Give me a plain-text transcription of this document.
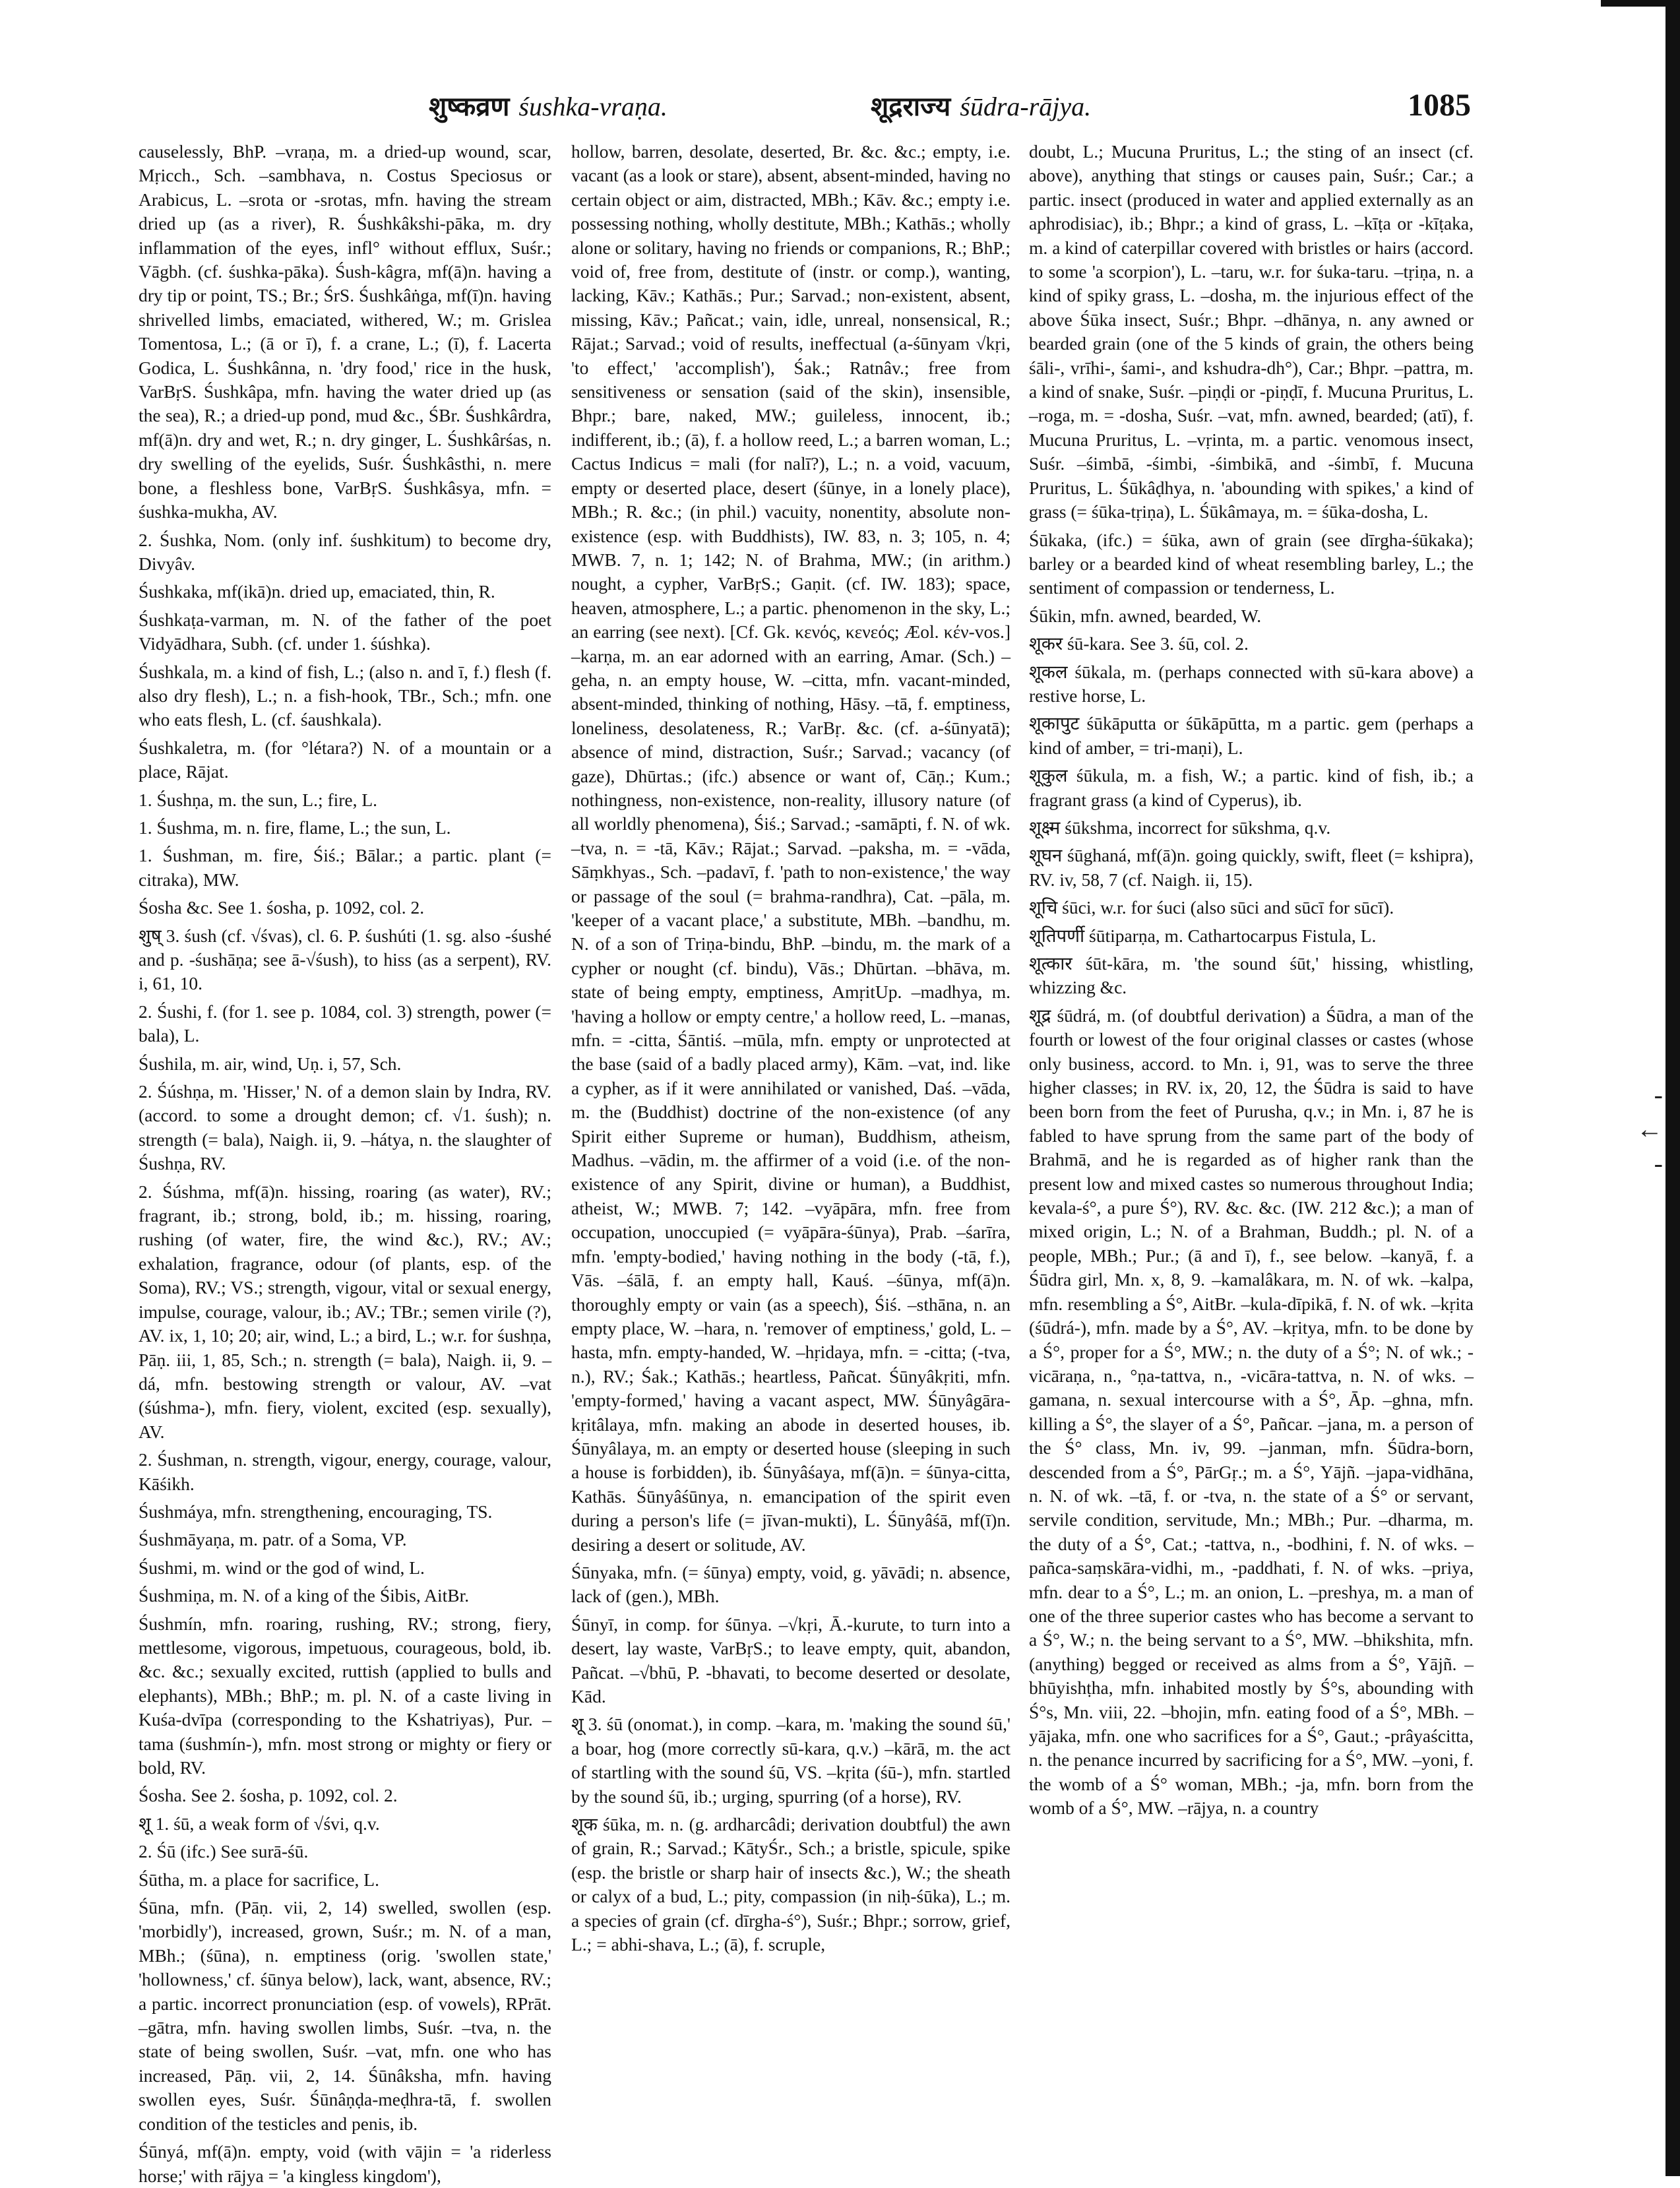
-
←
-
शुष्कव्रण śushka-vraṇa.	शूद्रराज्य śūdra-rājya.	1085

causelessly, BhP. –vraṇa, m. a dried-up wound, scar, Mṛicch., Sch. –sambhava, n. Costus Speciosus or Arabicus, L. –srota or -srotas, mfn. having the stream dried up (as a river), R. Śushkâkshi-pāka, m. dry inflammation of the eyes, infl° without efflux, Suśr.; Vāgbh. (cf. śushka-pāka). Śush-kâgra, mf(ā)n. having a dry tip or point, TS.; Br.; ŚrS. Śushkâṅga, mf(ī)n. having shrivelled limbs, emaciated, withered, W.; m. Grislea Tomentosa, L.; (ā or ī), f. a crane, L.; (ī), f. Lacerta Godica, L. Śushkânna, n. 'dry food,' rice in the husk, VarBṛS. Śushkâpa, mfn. having the water dried up (as the sea), R.; a dried-up pond, mud &c., ŚBr. Śushkârdra, mf(ā)n. dry and wet, R.; n. dry ginger, L. Śushkârśas, n. dry swelling of the eyelids, Suśr. Śushkâsthi, n. mere bone, a fleshless bone, VarBṛS. Śushkâsya, mfn. = śushka-mukha, AV.

2. Śushka, Nom. (only inf. śushkitum) to become dry, Divyâv.

Śushkaka, mf(ikā)n. dried up, emaciated, thin, R.

Śushkaṭa-varman, m. N. of the father of the poet Vidyādhara, Subh. (cf. under 1. śúshka).

Śushkala, m. a kind of fish, L.; (also n. and ī, f.) flesh (f. also dry flesh), L.; n. a fish-hook, TBr., Sch.; mfn. one who eats flesh, L. (cf. śaushkala).

Śushkaletra, m. (for °létara?) N. of a mountain or a place, Rājat.

1. Śushṇa, m. the sun, L.; fire, L.

1. Śushma, m. n. fire, flame, L.; the sun, L.

1. Śushman, m. fire, Śiś.; Bālar.; a partic. plant (= citraka), MW.

Śosha &c. See 1. śosha, p. 1092, col. 2.

शुष् 3. śush (cf. √śvas), cl. 6. P. śushúti (1. sg. also -śushé and p. -śushāṇa; see ā-√śush), to hiss (as a serpent), RV. i, 61, 10.

2. Śushi, f. (for 1. see p. 1084, col. 3) strength, power (= bala), L.

Śushila, m. air, wind, Uṇ. i, 57, Sch.

2. Śúshṇa, m. 'Hisser,' N. of a demon slain by Indra, RV. (accord. to some a drought demon; cf. √1. śush); n. strength (= bala), Naigh. ii, 9. –hátya, n. the slaughter of Śushṇa, RV.

2. Śúshma, mf(ā)n. hissing, roaring (as water), RV.; fragrant, ib.; strong, bold, ib.; m. hissing, roaring, rushing (of water, fire, the wind &c.), RV.; AV.; exhalation, fragrance, odour (of plants, esp. of the Soma), RV.; VS.; strength, vigour, vital or sexual energy, impulse, courage, valour, ib.; AV.; TBr.; semen virile (?), AV. ix, 1, 10; 20; air, wind, L.; a bird, L.; w.r. for śushṇa, Pāṇ. iii, 1, 85, Sch.; n. strength (= bala), Naigh. ii, 9. –dá, mfn. bestowing strength or valour, AV. –vat (śúshma-), mfn. fiery, violent, excited (esp. sexually), AV.

2. Śushman, n. strength, vigour, energy, courage, valour, Kāśikh.

Śushmáya, mfn. strengthening, encouraging, TS.

Śushmāyaṇa, m. patr. of a Soma, VP.

Śushmi, m. wind or the god of wind, L.

Śushmiṇa, m. N. of a king of the Śibis, AitBr.

Śushmín, mfn. roaring, rushing, RV.; strong, fiery, mettlesome, vigorous, impetuous, courageous, bold, ib. &c. &c.; sexually excited, ruttish (applied to bulls and elephants), MBh.; BhP.; m. pl. N. of a caste living in Kuśa-dvīpa (corresponding to the Kshatriyas), Pur. –tama (śushmín-), mfn. most strong or mighty or fiery or bold, RV.

Śosha. See 2. śosha, p. 1092, col. 2.

शू 1. śū, a weak form of √śvi, q.v.

2. Śū (ifc.) See surā-śū.

Śūtha, m. a place for sacrifice, L.

Śūna, mfn. (Pāṇ. vii, 2, 14) swelled, swollen (esp. 'morbidly'), increased, grown, Suśr.; m. N. of a man, MBh.; (śūna), n. emptiness (orig. 'swollen state,' 'hollowness,' cf. śūnya below), lack, want, absence, RV.; a partic. incorrect pronunciation (esp. of vowels), RPrāt. –gātra, mfn. having swollen limbs, Suśr. –tva, n. the state of being swollen, Suśr. –vat, mfn. one who has increased, Pāṇ. vii, 2, 14. Śūnâksha, mfn. having swollen eyes, Suśr. Śūnâṇḍa-meḍhra-tā, f. swollen condition of the testicles and penis, ib.

Śūnyá, mf(ā)n. empty, void (with vājin = 'a riderless horse;' with rājya = 'a kingless kingdom'),

hollow, barren, desolate, deserted, Br. &c. &c.; empty, i.e. vacant (as a look or stare), absent, absent-minded, having no certain object or aim, distracted, MBh.; Kāv. &c.; empty i.e. possessing nothing, wholly destitute, MBh.; Kathās.; wholly alone or solitary, having no friends or companions, R.; BhP.; void of, free from, destitute of (instr. or comp.), wanting, lacking, Kāv.; Kathās.; Pur.; Sarvad.; non-existent, absent, missing, Kāv.; Pañcat.; vain, idle, unreal, nonsensical, R.; Rājat.; Sarvad.; void of results, ineffectual (a-śūnyam √kṛi, 'to effect,' 'accomplish'), Śak.; Ratnâv.; free from sensitiveness or sensation (said of the skin), insensible, Bhpr.; bare, naked, MW.; guileless, innocent, ib.; indifferent, ib.; (ā), f. a hollow reed, L.; a barren woman, L.; Cactus Indicus = mali (for nalī?), L.; n. a void, vacuum, empty or deserted place, desert (śūnye, in a lonely place), MBh.; R. &c.; (in phil.) vacuity, nonentity, absolute non-existence (esp. with Buddhists), IW. 83, n. 3; 105, n. 4; MWB. 7, n. 1; 142; N. of Brahma, MW.; (in arithm.) nought, a cypher, VarBṛS.; Gaṇit. (cf. IW. 183); space, heaven, atmosphere, L.; a partic. phenomenon in the sky, L.; an earring (see next). [Cf. Gk. κενός, κενεός; Æol. κέν-vos.] –karṇa, m. an ear adorned with an earring, Amar. (Sch.) –geha, n. an empty house, W. –citta, mfn. vacant-minded, absent-minded, thinking of nothing, Hāsy. –tā, f. emptiness, loneliness, desolateness, R.; VarBṛ. &c. (cf. a-śūnyatā); absence of mind, distraction, Suśr.; Sarvad.; vacancy (of gaze), Dhūrtas.; (ifc.) absence or want of, Cāṇ.; Kum.; nothingness, non-existence, non-reality, illusory nature (of all worldly phenomena), Śiś.; Sarvad.; -samāpti, f. N. of wk. –tva, n. = -tā, Kāv.; Rājat.; Sarvad. –paksha, m. = -vāda, Sāṃkhyas., Sch. –padavī, f. 'path to non-existence,' the way or passage of the soul (= brahma-randhra), Cat. –pāla, m. 'keeper of a vacant place,' a substitute, MBh. –bandhu, m. N. of a son of Triṇa-bindu, BhP. –bindu, m. the mark of a cypher or nought (cf. bindu), Vās.; Dhūrtan. –bhāva, m. state of being empty, emptiness, AmṛitUp. –madhya, m. 'having a hollow or empty centre,' a hollow reed, L. –manas, mfn. = -citta, Śāntiś. –mūla, mfn. empty or unprotected at the base (said of a badly placed army), Kām. –vat, ind. like a cypher, as if it were annihilated or vanished, Daś. –vāda, m. the (Buddhist) doctrine of the non-existence (of any Spirit either Supreme or human), Buddhism, atheism, Madhus. –vādin, m. the affirmer of a void (i.e. of the non-existence of any Spirit, divine or human), a Buddhist, atheist, W.; MWB. 7; 142. –vyāpāra, mfn. free from occupation, unoccupied (= vyāpāra-śūnya), Prab. –śarīra, mfn. 'empty-bodied,' having nothing in the body (-tā, f.), Vās. –śālā, f. an empty hall, Kauś. –śūnya, mf(ā)n. thoroughly empty or vain (as a speech), Śiś. –sthāna, n. an empty place, W. –hara, n. 'remover of emptiness,' gold, L. –hasta, mfn. empty-handed, W. –hṛidaya, mfn. = -citta; (-tva, n.), RV.; Śak.; Kathās.; heartless, Pañcat. Śūnyâkṛiti, mfn. 'empty-formed,' having a vacant aspect, MW. Śūnyâgāra-kṛitâlaya, mfn. making an abode in deserted houses, ib. Śūnyâlaya, m. an empty or deserted house (sleeping in such a house is forbidden), ib. Śūnyâśaya, mf(ā)n. = śūnya-citta, Kathās. Śūnyâśūnya, n. emancipation of the spirit even during a person's life (= jīvan-mukti), L. Śūnyâśā, mf(ī)n. desiring a desert or solitude, AV.

Śūnyaka, mfn. (= śūnya) empty, void, g. yāvādi; n. absence, lack of (gen.), MBh.

Śūnyī, in comp. for śūnya. –√kṛi, Ā.-kurute, to turn into a desert, lay waste, VarBṛS.; to leave empty, quit, abandon, Pañcat. –√bhū, P. -bhavati, to become deserted or desolate, Kād.

शू 3. śū (onomat.), in comp. –kara, m. 'making the sound śū,' a boar, hog (more correctly sū-kara, q.v.) –kārā, m. the act of startling with the sound śū, VS. –kṛita (śū-), mfn. startled by the sound śū, ib.; urging, spurring (of a horse), RV.

शूक śūka, m. n. (g. ardharcâdi; derivation doubtful) the awn of grain, R.; Sarvad.; KātyŚr., Sch.; a bristle, spicule, spike (esp. the bristle or sharp hair of insects &c.), W.; the sheath or calyx of a bud, L.; pity, compassion (in niḥ-śūka), L.; m. a species of grain (cf. dīrgha-ś°), Suśr.; Bhpr.; sorrow, grief, L.; = abhi-shava, L.; (ā), f. scruple,

doubt, L.; Mucuna Pruritus, L.; the sting of an insect (cf. above), anything that stings or causes pain, Suśr.; Car.; a partic. insect (produced in water and applied externally as an aphrodisiac), ib.; Bhpr.; a kind of grass, L. –kīṭa or -kīṭaka, m. a kind of caterpillar covered with bristles or hairs (accord. to some 'a scorpion'), L. –taru, w.r. for śuka-taru. –tṛiṇa, n. a kind of spiky grass, L. –dosha, m. the injurious effect of the above Śūka insect, Suśr.; Bhpr. –dhānya, n. any awned or bearded grain (one of the 5 kinds of grain, the others being śāli-, vrīhi-, śami-, and kshudra-dh°), Car.; Bhpr. –pattra, m. a kind of snake, Suśr. –piṇḍi or -piṇḍī, f. Mucuna Pruritus, L. –roga, m. = -dosha, Suśr. –vat, mfn. awned, bearded; (atī), f. Mucuna Pruritus, L. –vṛinta, m. a partic. venomous insect, Suśr. –śimbā, -śimbi, -śimbikā, and -śimbī, f. Mucuna Pruritus, L. Śūkâḍhya, n. 'abounding with spikes,' a kind of grass (= śūka-tṛiṇa), L. Śūkâmaya, m. = śūka-dosha, L.

Śūkaka, (ifc.) = śūka, awn of grain (see dīrgha-śūkaka); barley or a bearded kind of wheat resembling barley, L.; the sentiment of compassion or tenderness, L.

Śūkin, mfn. awned, bearded, W.

शूकर śū-kara. See 3. śū, col. 2.

शूकल śūkala, m. (perhaps connected with sū-kara above) a restive horse, L.

शूकापुट śūkāputta or śūkāpūtta, m a partic. gem (perhaps a kind of amber, = tri-maṇi), L.

शूकुल śūkula, m. a fish, W.; a partic. kind of fish, ib.; a fragrant grass (a kind of Cyperus), ib.

शूक्ष्म śūkshma, incorrect for sūkshma, q.v.

शूघन śūghaná, mf(ā)n. going quickly, swift, fleet (= kshipra), RV. iv, 58, 7 (cf. Naigh. ii, 15).

शूचि śūci, w.r. for śuci (also sūci and sūcī for sūcī).

शूतिपर्णी śūtiparṇa, m. Cathartocarpus Fistula, L.

शूत्कार śūt-kāra, m. 'the sound śūt,' hissing, whistling, whizzing &c.

शूद्र śūdrá, m. (of doubtful derivation) a Śūdra, a man of the fourth or lowest of the four original classes or castes (whose only business, accord. to Mn. i, 91, was to serve the three higher classes; in RV. ix, 20, 12, the Śūdra is said to have been born from the feet of Purusha, q.v.; in Mn. i, 87 he is fabled to have sprung from the same part of the body of Brahmā, and he is regarded as of higher rank than the present low and mixed castes so numerous throughout India; kevala-ś°, a pure Ś°), RV. &c. &c. (IW. 212 &c.); a man of mixed origin, L.; N. of a Brahman, Buddh.; pl. N. of a people, MBh.; Pur.; (ā and ī), f., see below. –kanyā, f. a Śūdra girl, Mn. x, 8, 9. –kamalâkara, m. N. of wk. –kalpa, mfn. resembling a Ś°, AitBr. –kula-dīpikā, f. N. of wk. –kṛita (śūdrá-), mfn. made by a Ś°, AV. –kṛitya, mfn. to be done by a Ś°, proper for a Ś°, MW.; n. the duty of a Ś°; N. of wk.; -vicāraṇa, n., °ṇa-tattva, n., -vicāra-tattva, n. N. of wks. –gamana, n. sexual intercourse with a Ś°, Āp. –ghna, mfn. killing a Ś°, the slayer of a Ś°, Pañcar. –jana, m. a person of the Ś° class, Mn. iv, 99. –janman, mfn. Śūdra-born, descended from a Ś°, PārGṛ.; m. a Ś°, Yājñ. –japa-vidhāna, n. N. of wk. –tā, f. or -tva, n. the state of a Ś° or servant, servile condition, servitude, Mn.; MBh.; Pur. –dharma, m. the duty of a Ś°, Cat.; -tattva, n., -bodhini, f. N. of wks. –pañca-saṃskāra-vidhi, m., -paddhati, f. N. of wks. –priya, mfn. dear to a Ś°, L.; m. an onion, L. –preshya, m. a man of one of the three superior castes who has become a servant to a Ś°, W.; n. the being servant to a Ś°, MW. –bhikshita, mfn. (anything) begged or received as alms from a Ś°, Yājñ. –bhūyishṭha, mfn. inhabited mostly by Ś°s, abounding with Ś°s, Mn. viii, 22. –bhojin, mfn. eating food of a Ś°, MBh. –yājaka, mfn. one who sacrifices for a Ś°, Gaut.; -prâyaścitta, n. the penance incurred by sacrificing for a Ś°, MW. –yoni, f. the womb of a Ś° woman, MBh.; -ja, mfn. born from the womb of a Ś°, MW. –rājya, n. a country
